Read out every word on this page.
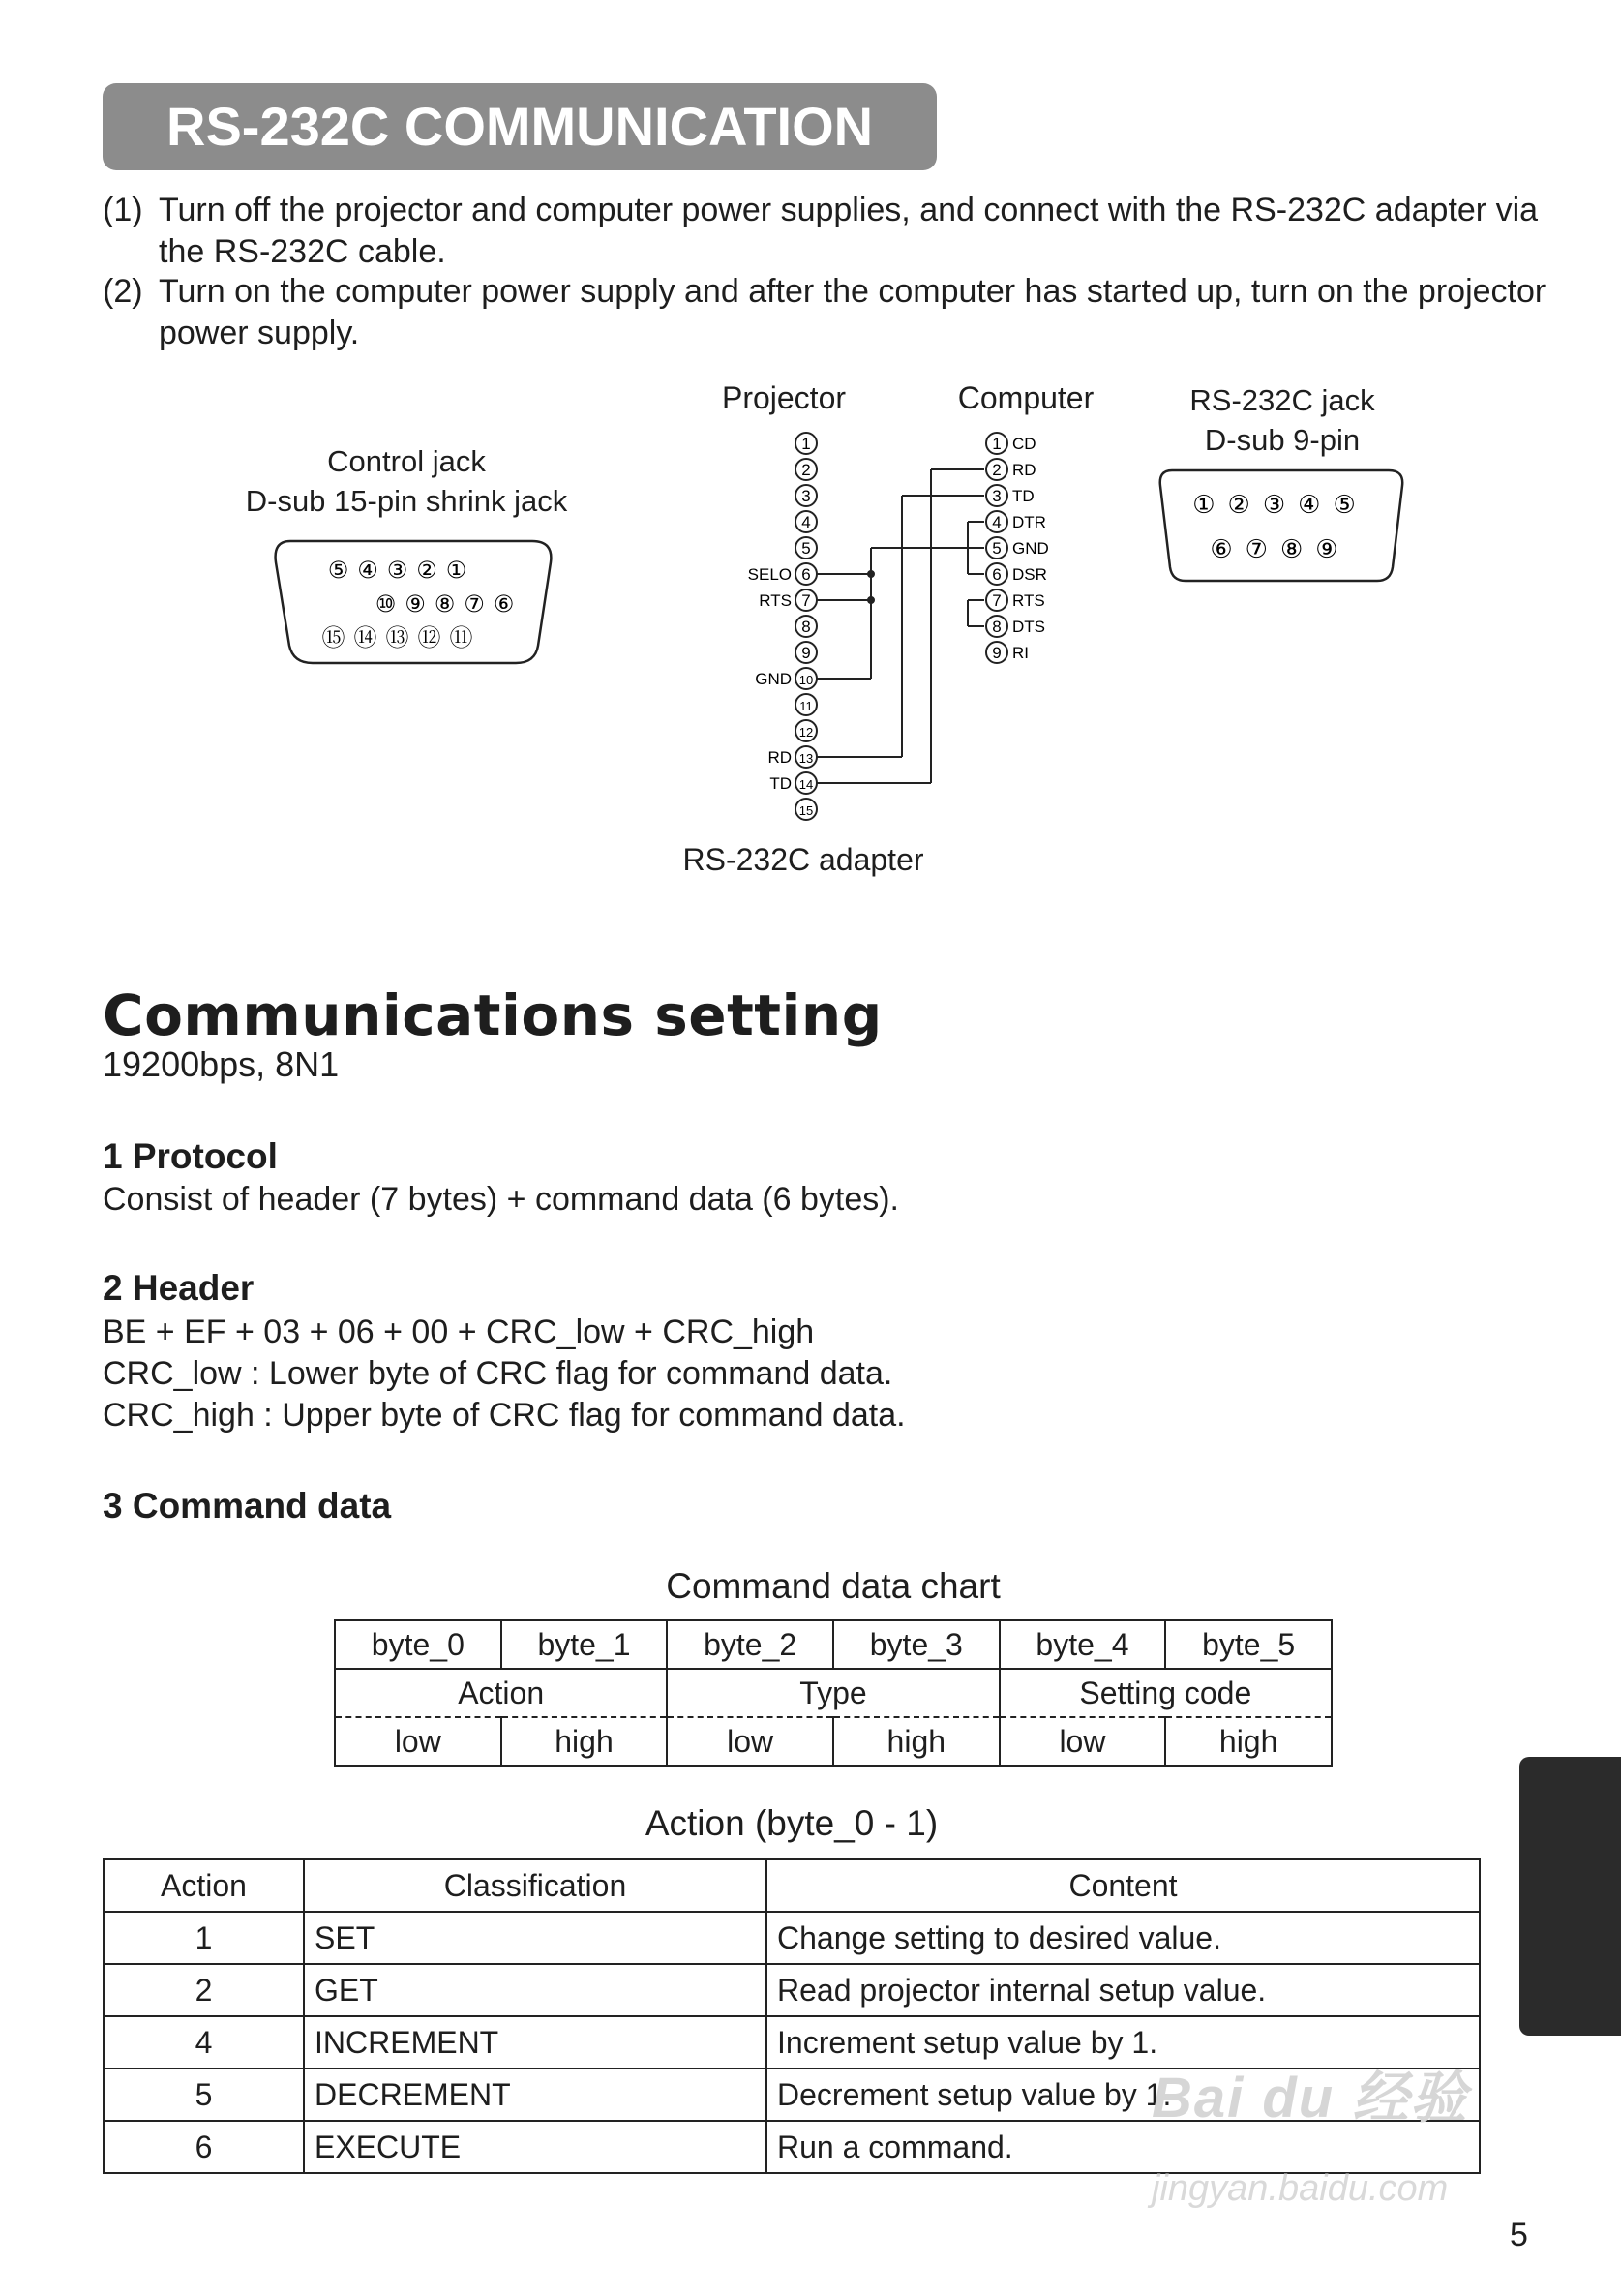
RS-232C COMMUNICATION
(1) Turn off the projector and computer power supplies, and connect with the RS-232C adapter via the RS-232C cable.
(2) Turn on the computer power supply and after the computer has started up, turn on the projector power supply.
Control jack
D-sub 15-pin shrink jack
⑤④③②①
⑩⑨⑧⑦⑥
⑮⑭⑬⑫⑪
Projector	Computer
1
2
3
4
5
6
SELO
7
RTS
8
9
10
GND
11
12
13
RD
14
TD
15
1 CD
2 RD
3 TD
4 DTR
5 GND
6 DSR
7 RTS
8 DTS
9 RI
RS-232C adapter
RS-232C jack
D-sub 9-pin
①②③④⑤
⑥⑦⑧⑨
Communications setting
19200bps, 8N1
1 Protocol
Consist of header (7 bytes) + command data (6 bytes).
2 Header
BE + EF + 03 + 06 + 00 + CRC_low + CRC_high
CRC_low : Lower byte of CRC flag for command data.
CRC_high : Upper byte of CRC flag for command data.
3 Command data
Command data chart
byte_0	byte_1	byte_2	byte_3	byte_4	byte_5
Action		Type		Setting code	
low	high	low	high	low	high
Action (byte_0 - 1)
Action	Classification	Content
1	SET	Change setting to desired value.
2	GET	Read projector internal setup value.
4	INCREMENT	Increment setup value by 1.
5	DECREMENT	Decrement setup value by 1.
6	EXECUTE	Run a command.
Bai du 经验
jingyan.baidu.com
5
